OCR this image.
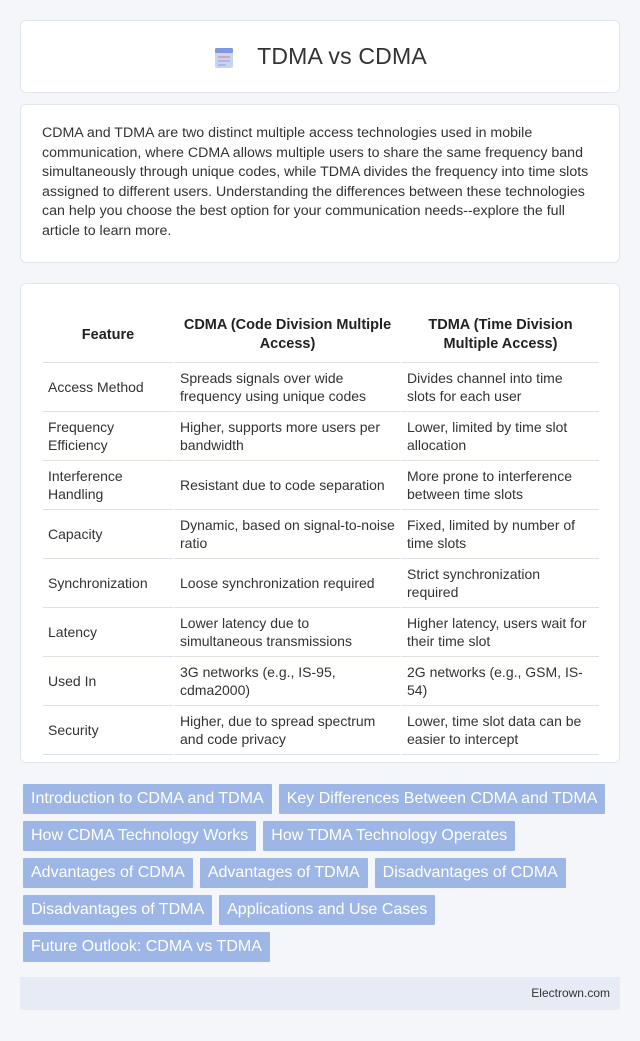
TDMA vs CDMA

CDMA and TDMA are two distinct multiple access technologies used in mobile communication, where CDMA allows multiple users to share the same frequency band simultaneously through unique codes, while TDMA divides the frequency into time slots assigned to different users. Understanding the differences between these technologies can help you choose the best option for your communication needs--explore the full article to learn more.

Feature	CDMA (Code Division Multiple Access)	TDMA (Time Division Multiple Access)
Access Method	Spreads signals over wide frequency using unique codes	Divides channel into time slots for each user
Frequency Efficiency	Higher, supports more users per bandwidth	Lower, limited by time slot allocation
Interference Handling	Resistant due to code separation	More prone to interference between time slots
Capacity	Dynamic, based on signal-to-noise ratio	Fixed, limited by number of time slots
Synchronization	Loose synchronization required	Strict synchronization required
Latency	Lower latency due to simultaneous transmissions	Higher latency, users wait for their time slot
Used In	3G networks (e.g., IS-95, cdma2000)	2G networks (e.g., GSM, IS-54)
Security	Higher, due to spread spectrum and code privacy	Lower, time slot data can be easier to intercept
Introduction to CDMA and TDMA	Key Differences Between CDMA and TDMA
How CDMA Technology Works	How TDMA Technology Operates
Advantages of CDMA	Advantages of TDMA	Disadvantages of CDMA
Disadvantages of TDMA	Applications and Use Cases
Future Outlook: CDMA vs TDMA
Electrown.com
